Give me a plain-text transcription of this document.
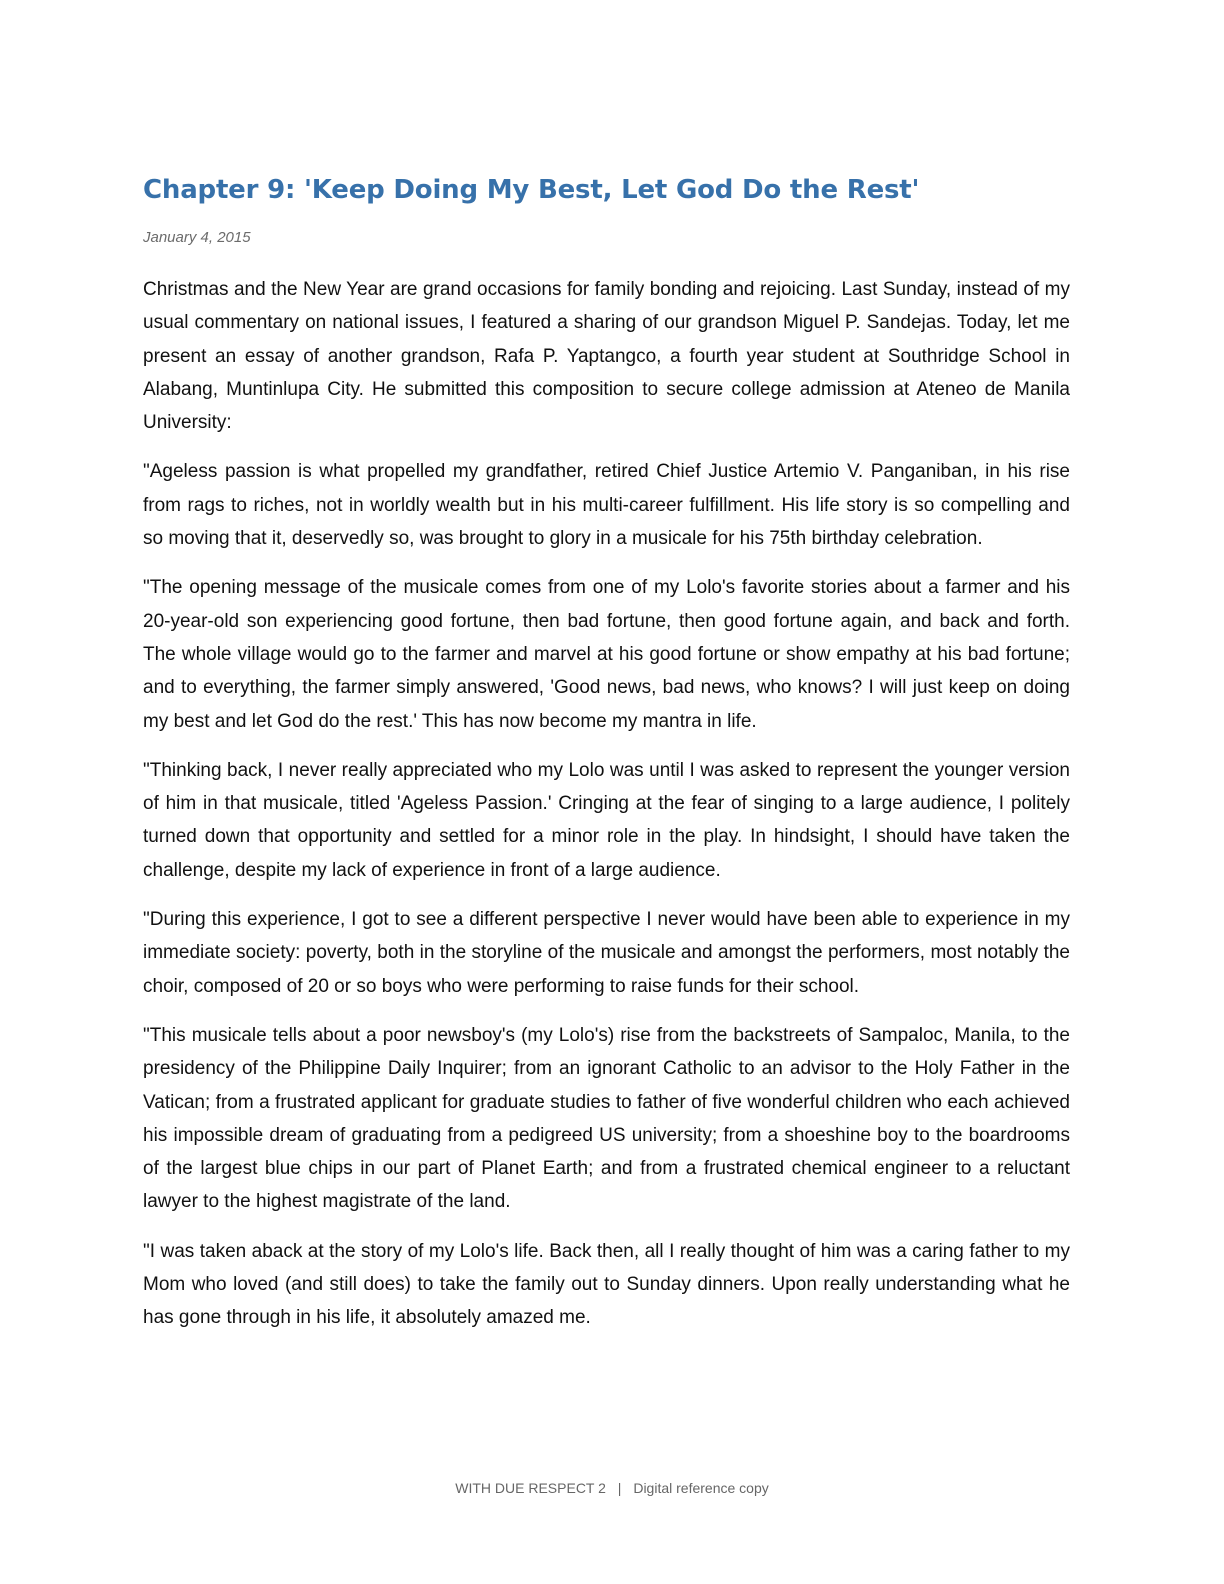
Chapter 9: 'Keep Doing My Best, Let God Do the Rest'
January 4, 2015

Christmas and the New Year are grand occasions for family bonding and rejoicing. Last Sunday, instead of my usual commentary on national issues, I featured a sharing of our grandson Miguel P. Sandejas. Today, let me present an essay of another grandson, Rafa P. Yaptangco, a fourth year student at Southridge School in Alabang, Muntinlupa City. He submitted this composition to secure college admission at Ateneo de Manila University:

"Ageless passion is what propelled my grandfather, retired Chief Justice Artemio V. Panganiban, in his rise from rags to riches, not in worldly wealth but in his multi-career fulfillment. His life story is so compelling and so moving that it, deservedly so, was brought to glory in a musicale for his 75th birthday celebration.

"The opening message of the musicale comes from one of my Lolo's favorite stories about a farmer and his 20-year-old son experiencing good fortune, then bad fortune, then good fortune again, and back and forth. The whole village would go to the farmer and marvel at his good fortune or show empathy at his bad fortune; and to everything, the farmer simply answered, 'Good news, bad news, who knows? I will just keep on doing my best and let God do the rest.' This has now become my mantra in life.

"Thinking back, I never really appreciated who my Lolo was until I was asked to represent the younger version of him in that musicale, titled 'Ageless Passion.' Cringing at the fear of singing to a large audience, I politely turned down that opportunity and settled for a minor role in the play. In hindsight, I should have taken the challenge, despite my lack of experience in front of a large audience.

"During this experience, I got to see a different perspective I never would have been able to experience in my immediate society: poverty, both in the storyline of the musicale and amongst the performers, most notably the choir, composed of 20 or so boys who were performing to raise funds for their school.

"This musicale tells about a poor newsboy's (my Lolo's) rise from the backstreets of Sampaloc, Manila, to the presidency of the Philippine Daily Inquirer; from an ignorant Catholic to an advisor to the Holy Father in the Vatican; from a frustrated applicant for graduate studies to father of five wonderful children who each achieved his impossible dream of graduating from a pedigreed US university; from a shoeshine boy to the boardrooms of the largest blue chips in our part of Planet Earth; and from a frustrated chemical engineer to a reluctant lawyer to the highest magistrate of the land.

"I was taken aback at the story of my Lolo's life. Back then, all I really thought of him was a caring father to my Mom who loved (and still does) to take the family out to Sunday dinners. Upon really understanding what he has gone through in his life, it absolutely amazed me.

WITH DUE RESPECT 2 | Digital reference copy
